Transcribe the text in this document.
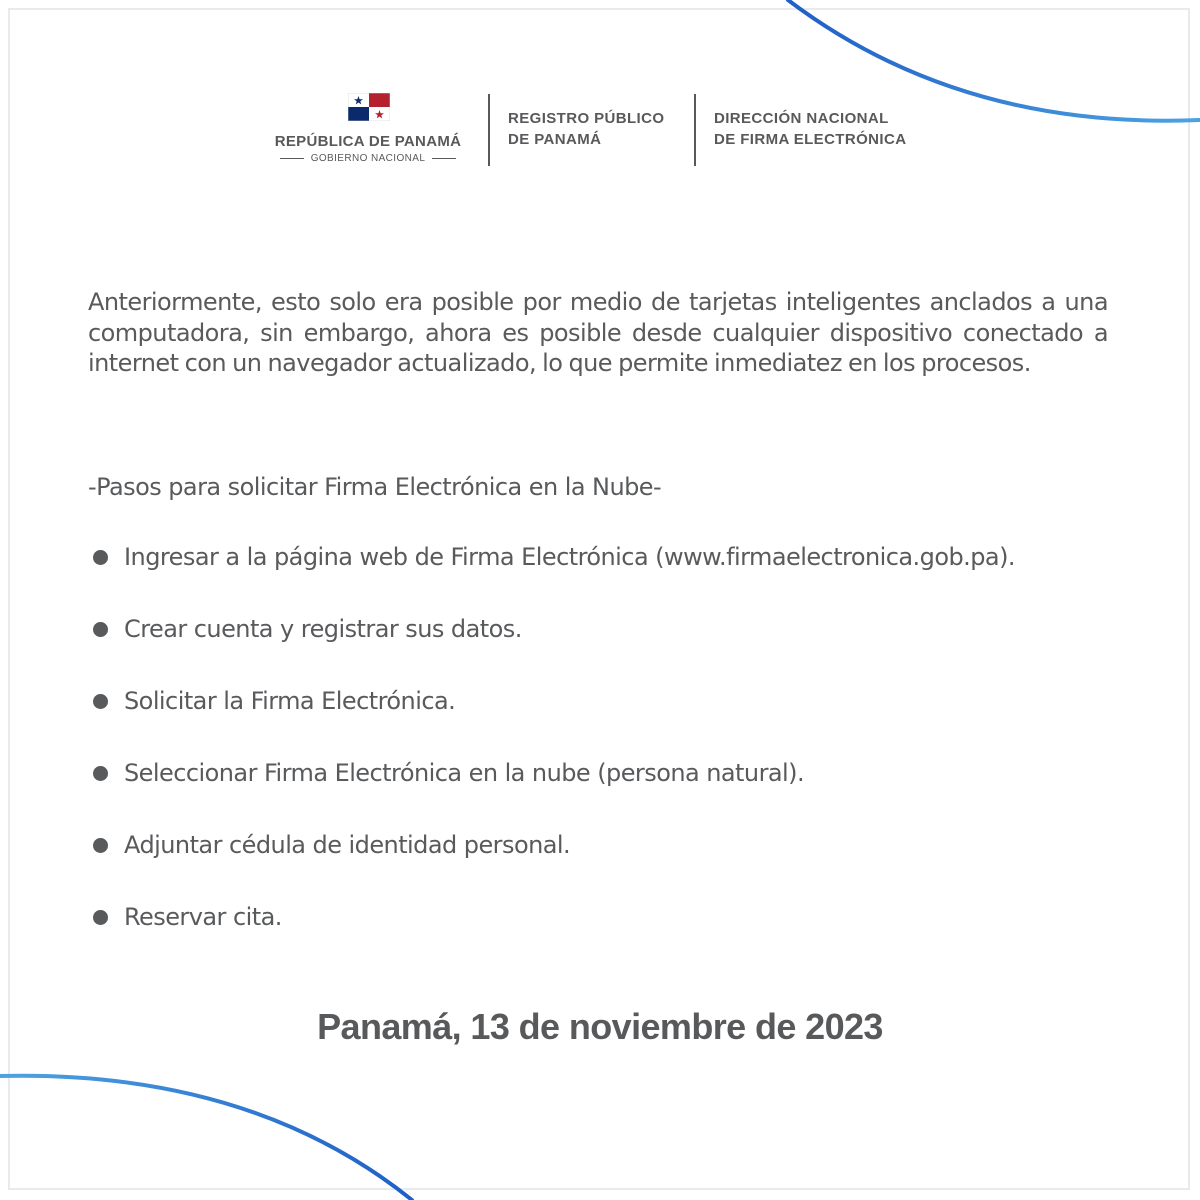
REPÚBLICA DE PANAMÁ
GOBIERNO NACIONAL
REGISTRO PÚBLICO
DE PANAMÁ
DIRECCIÓN NACIONAL
DE FIRMA ELECTRÓNICA

Anteriormente, esto solo era posible por medio de tarjetas inteligentes anclados a una computadora, sin embargo, ahora es posible desde cualquier dispositivo conectado a internet con un navegador actualizado, lo que permite inmediatez en los procesos.

-Pasos para solicitar Firma Electrónica en la Nube-

Ingresar a la página web de Firma Electrónica (www.firmaelectronica.gob.pa).
Crear cuenta y registrar sus datos.
Solicitar la Firma Electrónica.
Seleccionar Firma Electrónica en la nube (persona natural).
Adjuntar cédula de identidad personal.
Reservar cita.
Panamá, 13 de noviembre de 2023
